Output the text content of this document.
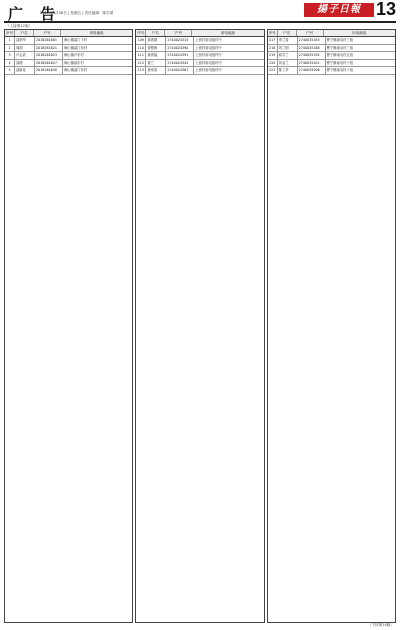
广 告
2017年4月28日 | 星期五 | 责任编辑：陈学勇	揚子日報 13
（上接第12版）
序号	户名	户号	用电地址
1	邵荣华	2018261601	海山镇邵门下村
2	周明	2018261621	海山镇邵门东村
3	卢志武	2018261623	海山镇卢东村
4	邵德	2018261627	海山镇邵东村
5	邵新花	2018261630	海山镇邵门东村
序号	户名	户号	用电地址
109	姜善德	2740024315	上营村南屯组村中
110	姜银海	2740024390	上营村南屯组村中
111	姜善福	2740024391	上营村南屯组村中
112	姜兰	2740024345	上营村南屯组村中
113	姜家喜	2740024367	上营村南屯组村中
序号	户名	户号	用电地址
217	李兰香	2740035183	曹宁镇南屯村三组
218	刘兰明	2740035188	曹宁镇南屯村三组
219	郝学兰	2740035194	曹宁镇南屯村五组
220	刘金兰	2740035201	曹宁镇南屯村十组
221	陈兰华	2740035206	曹宁镇南屯村十组
（下转第14版）
